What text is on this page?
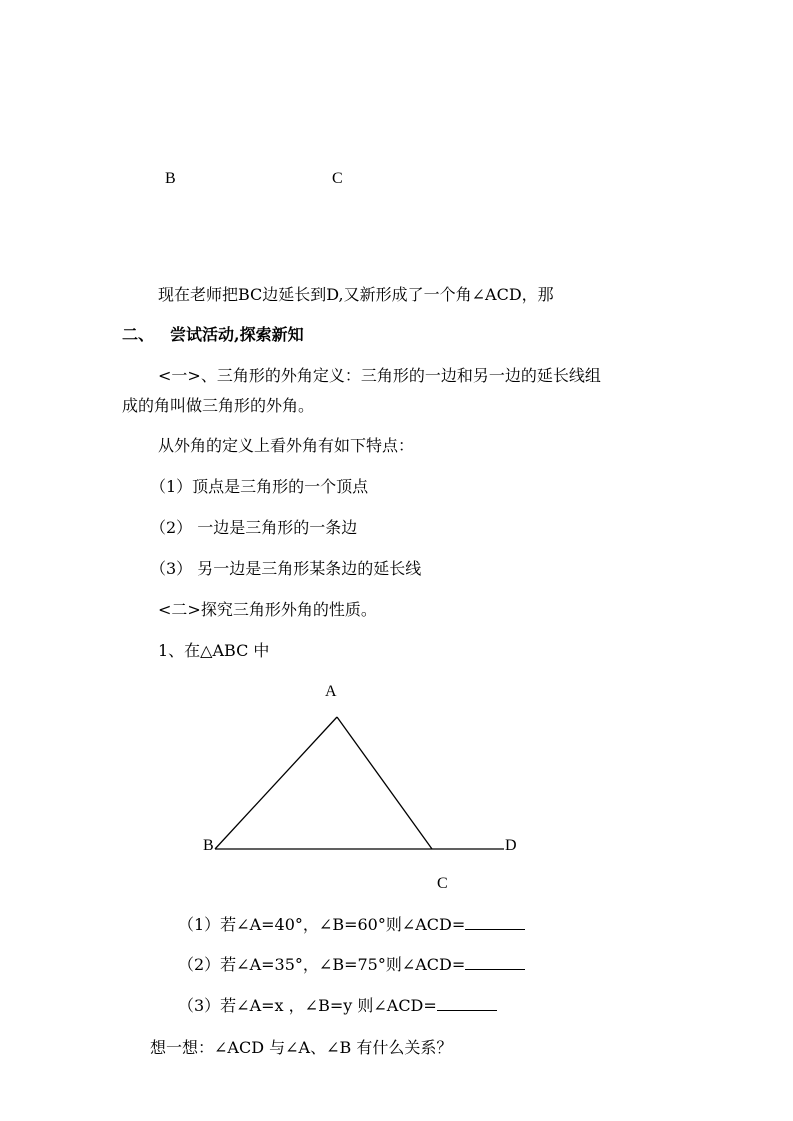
B	C
现在老师把BC边延长到D,又新形成了一个角∠ACD，那
二、 尝试活动,探索新知
<一>、三角形的外角定义：三角形的一边和另一边的延长线组
成的角叫做三角形的外角。
从外角的定义上看外角有如下特点：
（1）顶点是三角形的一个顶点
（2） 一边是三角形的一条边
（3） 另一边是三角形某条边的延长线
<二>探究三角形外角的性质。
1、在△ABC 中
A
B	D
C
（1）若∠A=40°，∠B=60°则∠ACD=
（2）若∠A=35°，∠B=75°则∠ACD=
（3）若∠A=x ，∠B=y 则∠ACD=
想一想：∠ACD 与∠A、∠B 有什么关系？
